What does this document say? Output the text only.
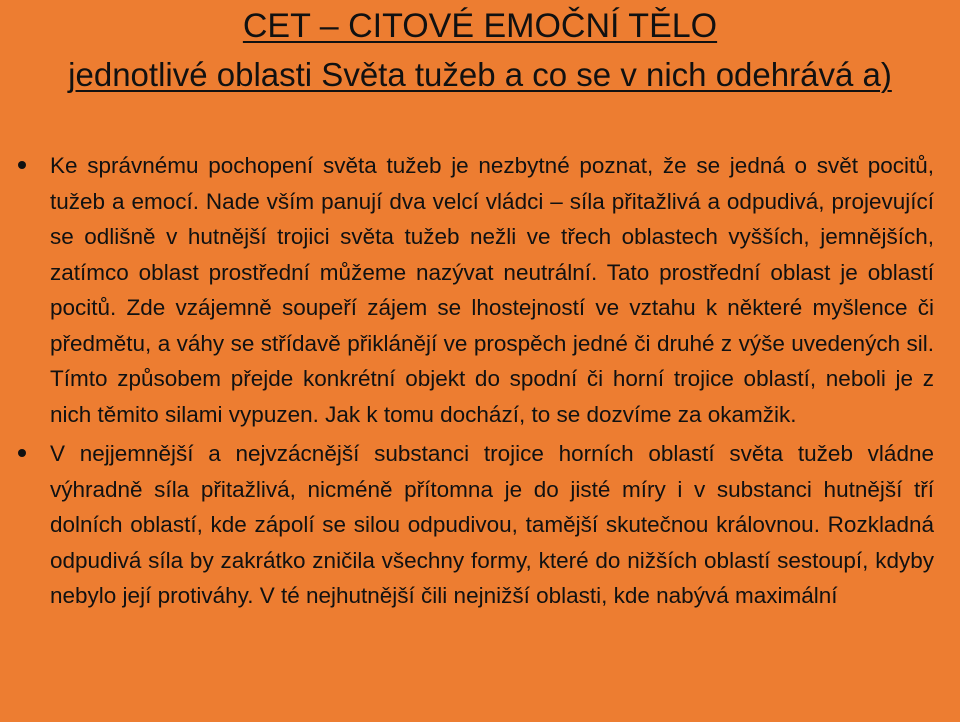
CET – CITOVÉ EMOČNÍ TĚLO
jednotlivé oblasti Světa tužeb a co se v nich odehrává a)
Ke správnému pochopení světa tužeb je nezbytné poznat, že se jedná o svět pocitů, tužeb a emocí. Nade vším panují dva velcí vládci – síla přitažlivá a odpudivá, projevující se odlišně v hutnější trojici světa tužeb nežli ve třech oblastech vyšších, jemnějších, zatímco oblast prostřední můžeme nazývat neutrální. Tato prostřední oblast je oblastí pocitů. Zde vzájemně soupeří zájem se lhostejností ve vztahu k některé myšlence či předmětu, a váhy se střídavě přiklánějí ve prospěch jedné či druhé z výše uvedených sil. Tímto způsobem přejde konkrétní objekt do spodní či horní trojice oblastí, neboli je z nich těmito silami vypuzen. Jak k tomu dochází, to se dozvíme za okamžik.
V nejjemnější a nejvzácnější substanci trojice horních oblastí světa tužeb vládne výhradně síla přitažlivá, nicméně přítomna je do jisté míry i v substanci hutnější tří dolních oblastí, kde zápolí se silou odpudivou, tamější skutečnou královnou. Rozkladná odpudivá síla by zakrátko zničila všechny formy, které do nižších oblastí sestoupí, kdyby nebylo její protiváhy. V té nejhutnější čili nejnižší oblasti, kde nabývá maximální
